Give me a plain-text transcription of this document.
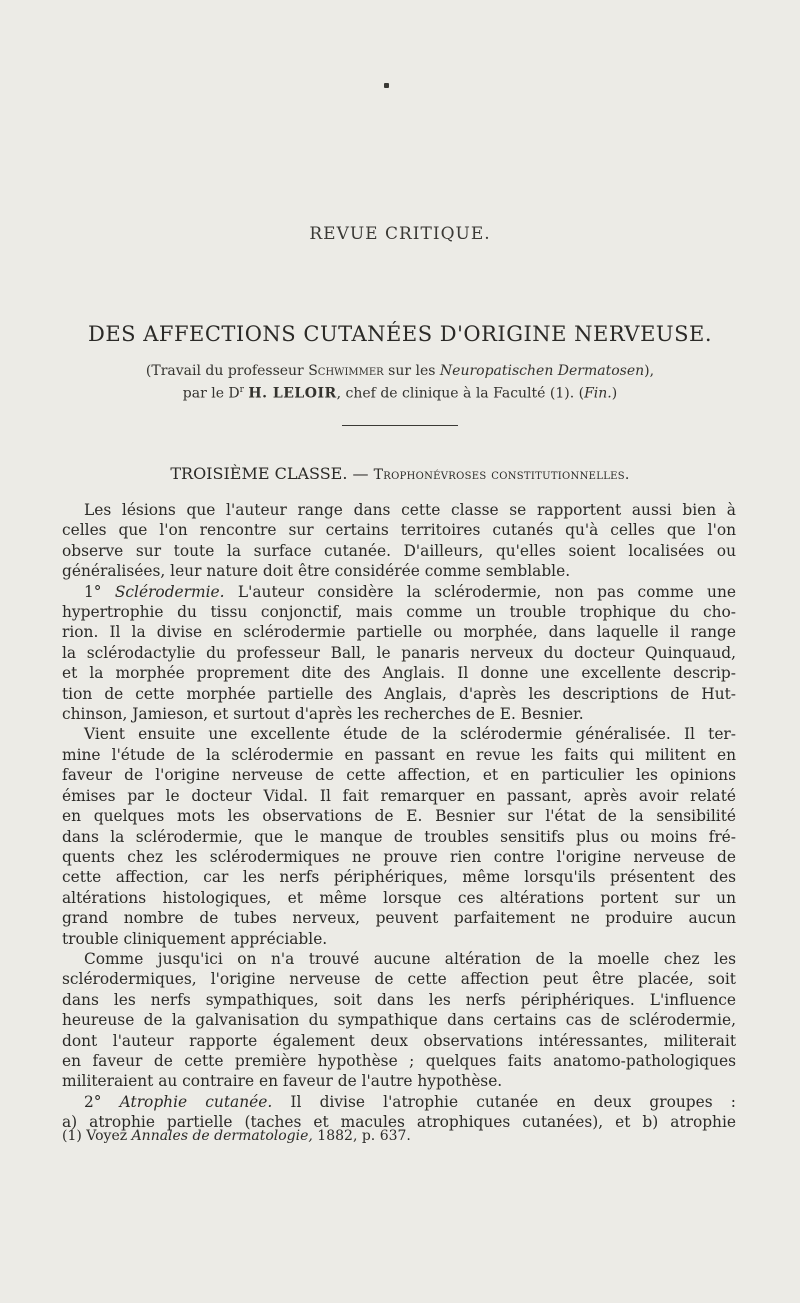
REVUE CRITIQUE.
DES AFFECTIONS CUTANÉES D'ORIGINE NERVEUSE.
(Travail du professeur Schwimmer sur les Neuropatischen Dermatosen),
par le $D^r$ H. LELOIR, chef de clinique à la Faculté (1). (Fin.)
TROISIÈME CLASSE. — Trophonévroses constitutionnelles.

Les lésions que l'auteur range dans cette classe se rapportent aussi bien à
celles que l'on rencontre sur certains territoires cutanés qu'à celles que l'on
observe sur toute la surface cutanée. D'ailleurs, qu'elles soient localisées ou
généralisées, leur nature doit être considérée comme semblable.

1° Sclérodermie. L'auteur considère la sclérodermie, non pas comme une
hypertrophie du tissu conjonctif, mais comme un trouble trophique du cho-
rion. Il la divise en sclérodermie partielle ou morphée, dans laquelle il range
la sclérodactylie du professeur Ball, le panaris nerveux du docteur Quinquaud,
et la morphée proprement dite des Anglais. Il donne une excellente descrip-
tion de cette morphée partielle des Anglais, d'après les descriptions de Hut-
chinson, Jamieson, et surtout d'après les recherches de E. Besnier.

Vient ensuite une excellente étude de la sclérodermie généralisée. Il ter-
mine l'étude de la sclérodermie en passant en revue les faits qui militent en
faveur de l'origine nerveuse de cette affection, et en particulier les opinions
émises par le docteur Vidal. Il fait remarquer en passant, après avoir relaté
en quelques mots les observations de E. Besnier sur l'état de la sensibilité
dans la sclérodermie, que le manque de troubles sensitifs plus ou moins fré-
quents chez les sclérodermiques ne prouve rien contre l'origine nerveuse de
cette affection, car les nerfs périphériques, même lorsqu'ils présentent des
altérations histologiques, et même lorsque ces altérations portent sur un
grand nombre de tubes nerveux, peuvent parfaitement ne produire aucun
trouble cliniquement appréciable.

Comme jusqu'ici on n'a trouvé aucune altération de la moelle chez les
sclérodermiques, l'origine nerveuse de cette affection peut être placée, soit
dans les nerfs sympathiques, soit dans les nerfs périphériques. L'influence
heureuse de la galvanisation du sympathique dans certains cas de sclérodermie,
dont l'auteur rapporte également deux observations intéressantes, militerait
en faveur de cette première hypothèse ; quelques faits anatomo-pathologiques
militeraient au contraire en faveur de l'autre hypothèse.

2° Atrophie cutanée. Il divise l'atrophie cutanée en deux groupes :
a) atrophie partielle (taches et macules atrophiques cutanées), et b) atrophie

(1) Voyez Annales de dermatologie, 1882, p. 637.
